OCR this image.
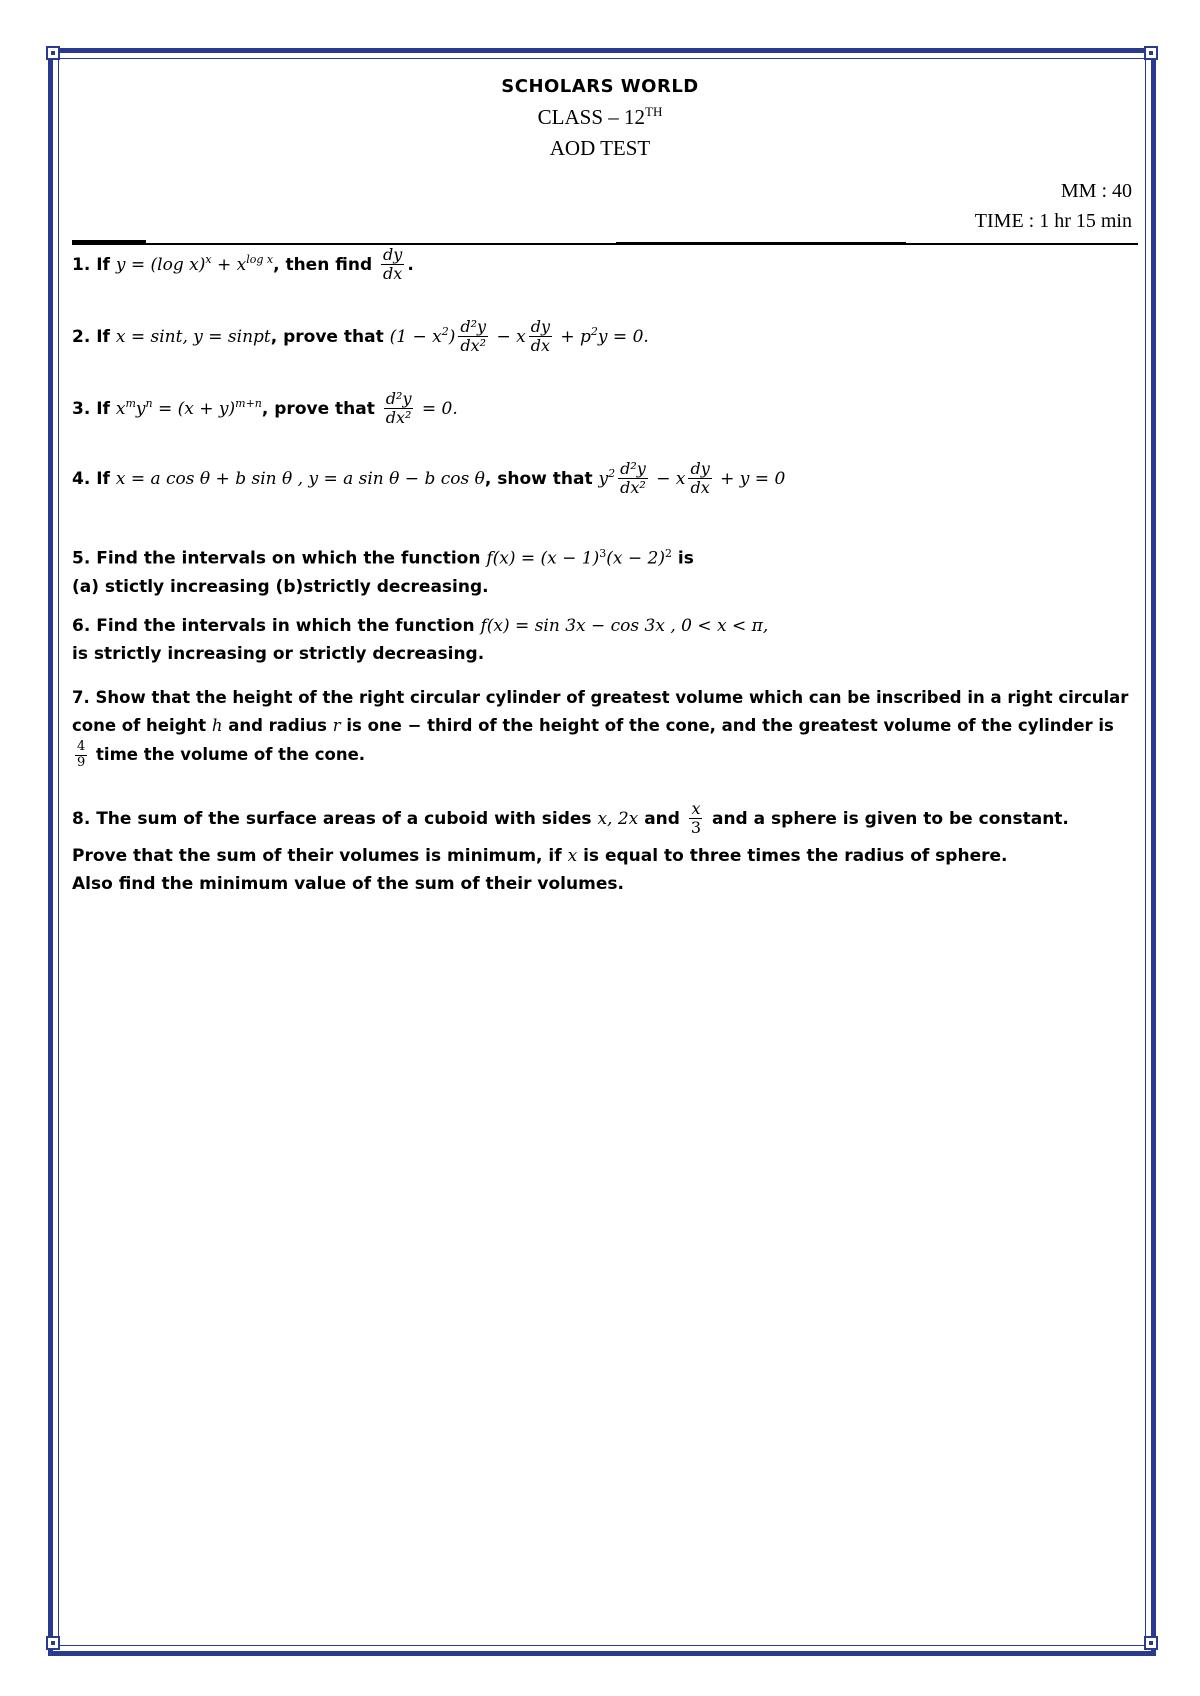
SCHOLARS WORLD
CLASS – 12TH
AOD TEST
MM : 40
TIME : 1 hr 15 min
1. If y = (log $x)^x + x^{log x}$, then find $\frac{dy}{dx}$ .
2. If x = sint, y = sinpt, prove that $(1 - x^2) \frac{\text{d²y}}{\text{dx²}} - x \frac{dy}{dx} + p^2y = 0$.
3. If $x^my^n = (x + y)^{m+n}$, prove that $\frac{\text{d²y}}{\text{dx²}} = 0$.
4. If x = a cos θ + b sin θ , y = a sin θ − b cos θ, show that $y^2 \frac{\text{d²y}}{\text{dx²}} - x \frac{dy}{dx} + y = 0$
5. Find the intervals on which the function $f(x) = (x - 1)^3(x - 2)^2$ is
(a) stictly increasing (b)strictly decreasing.
6. Find the intervals in which the function f(x) = sin 3x − cos 3x , 0 < x < π,
is strictly increasing or strictly decreasing.
7. Show that the height of the right circular cylinder of greatest volume which can be inscribed in a right circular
cone of height h and radius r is one − third of the height of the cone, and the greatest volume of the cylinder is
$\frac{4}{9}$ time the volume of the cone.
8. The sum of the surface areas of a cuboid with sides x, 2x and $\frac{x}{3}$ and a sphere is given to be constant.
Prove that the sum of their volumes is minimum, if x is equal to three times the radius of sphere.
Also find the minimum value of the sum of their volumes.
